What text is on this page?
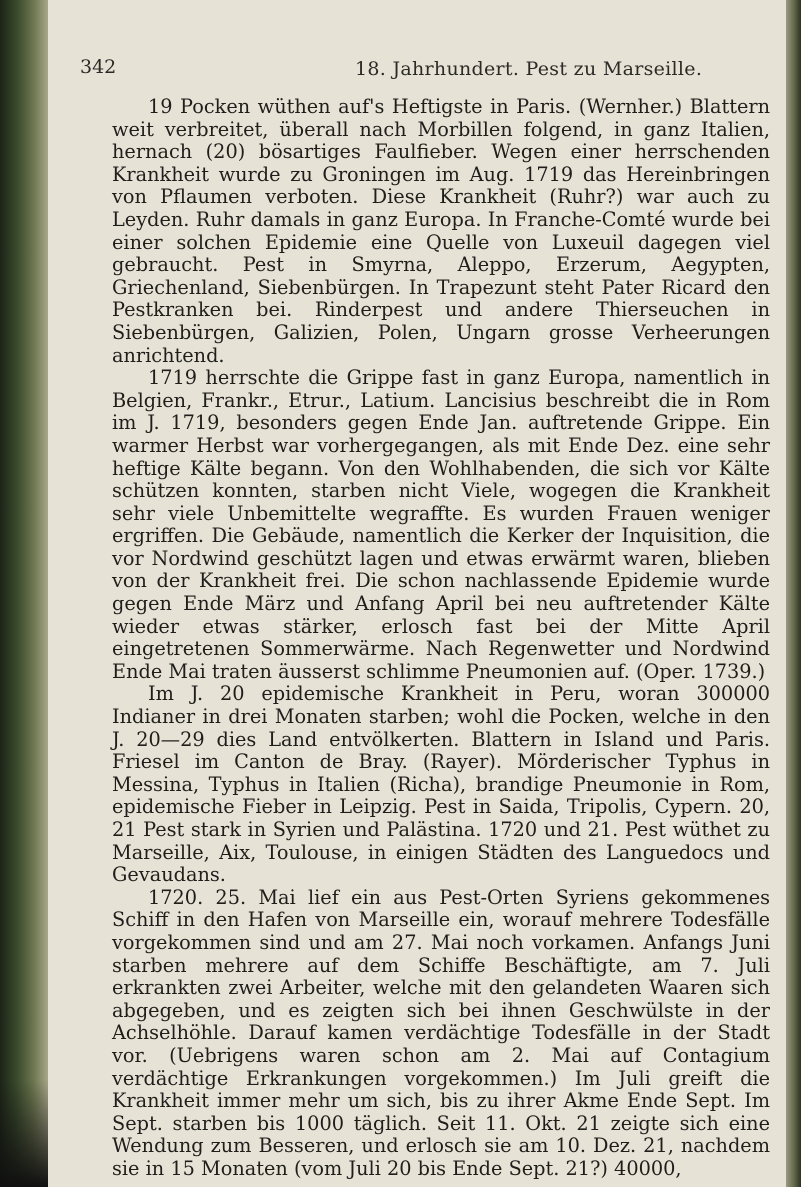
342	18. Jahrhundert. Pest zu Marseille.

19 Pocken wüthen auf's Heftigste in Paris. (Wernher.) Blattern weit verbreitet, überall nach Morbillen folgend, in ganz Italien, hernach (20) bösartiges Faulfieber. Wegen einer herrschenden Krankheit wurde zu Groningen im Aug. 1719 das Hereinbringen von Pflaumen verboten. Diese Krankheit (Ruhr?) war auch zu Leyden. Ruhr damals in ganz Europa. In Franche-Comté wurde bei einer solchen Epidemie eine Quelle von Luxeuil dagegen viel gebraucht. Pest in Smyrna, Aleppo, Erzerum, Aegypten, Griechenland, Siebenbürgen. In Trapezunt steht Pater Ricard den Pestkranken bei. Rinderpest und andere Thierseuchen in Siebenbürgen, Galizien, Polen, Ungarn grosse Verheerungen anrichtend.

1719 herrschte die Grippe fast in ganz Europa, namentlich in Belgien, Frankr., Etrur., Latium. Lancisius beschreibt die in Rom im J. 1719, besonders gegen Ende Jan. auftretende Grippe. Ein warmer Herbst war vorhergegangen, als mit Ende Dez. eine sehr heftige Kälte begann. Von den Wohlhabenden, die sich vor Kälte schützen konnten, starben nicht Viele, wogegen die Krankheit sehr viele Unbemittelte wegraffte. Es wurden Frauen weniger ergriffen. Die Gebäude, namentlich die Kerker der Inquisition, die vor Nordwind geschützt lagen und etwas erwärmt waren, blieben von der Krankheit frei. Die schon nachlassende Epidemie wurde gegen Ende März und Anfang April bei neu auftretender Kälte wieder etwas stärker, erlosch fast bei der Mitte April eingetretenen Sommerwärme. Nach Regenwetter und Nordwind Ende Mai traten äusserst schlimme Pneumonien auf. (Oper. 1739.)

Im J. 20 epidemische Krankheit in Peru, woran 300000 Indianer in drei Monaten starben; wohl die Pocken, welche in den J. 20—29 dies Land entvölkerten. Blattern in Island und Paris. Friesel im Canton de Bray. (Rayer). Mörderischer Typhus in Messina, Typhus in Italien (Richa), brandige Pneumonie in Rom, epidemische Fieber in Leipzig. Pest in Saida, Tripolis, Cypern. 20, 21 Pest stark in Syrien und Palästina. 1720 und 21. Pest wüthet zu Marseille, Aix, Toulouse, in einigen Städten des Languedocs und Gevaudans.

1720. 25. Mai lief ein aus Pest-Orten Syriens gekommenes Schiff in den Hafen von Marseille ein, worauf mehrere Todesfälle vorgekommen sind und am 27. Mai noch vorkamen. Anfangs Juni starben mehrere auf dem Schiffe Beschäftigte, am 7. Juli erkrankten zwei Arbeiter, welche mit den gelandeten Waaren sich abgegeben, und es zeigten sich bei ihnen Geschwülste in der Achselhöhle. Darauf kamen verdächtige Todesfälle in der Stadt vor. (Uebrigens waren schon am 2. Mai auf Contagium verdächtige Erkrankungen vorgekommen.) Im Juli greift die Krankheit immer mehr um sich, bis zu ihrer Akme Ende Sept. Im Sept. starben bis 1000 täglich. Seit 11. Okt. 21 zeigte sich eine Wendung zum Besseren, und erlosch sie am 10. Dez. 21, nachdem sie in 15 Monaten (vom Juli 20 bis Ende Sept. 21?) 40000,
